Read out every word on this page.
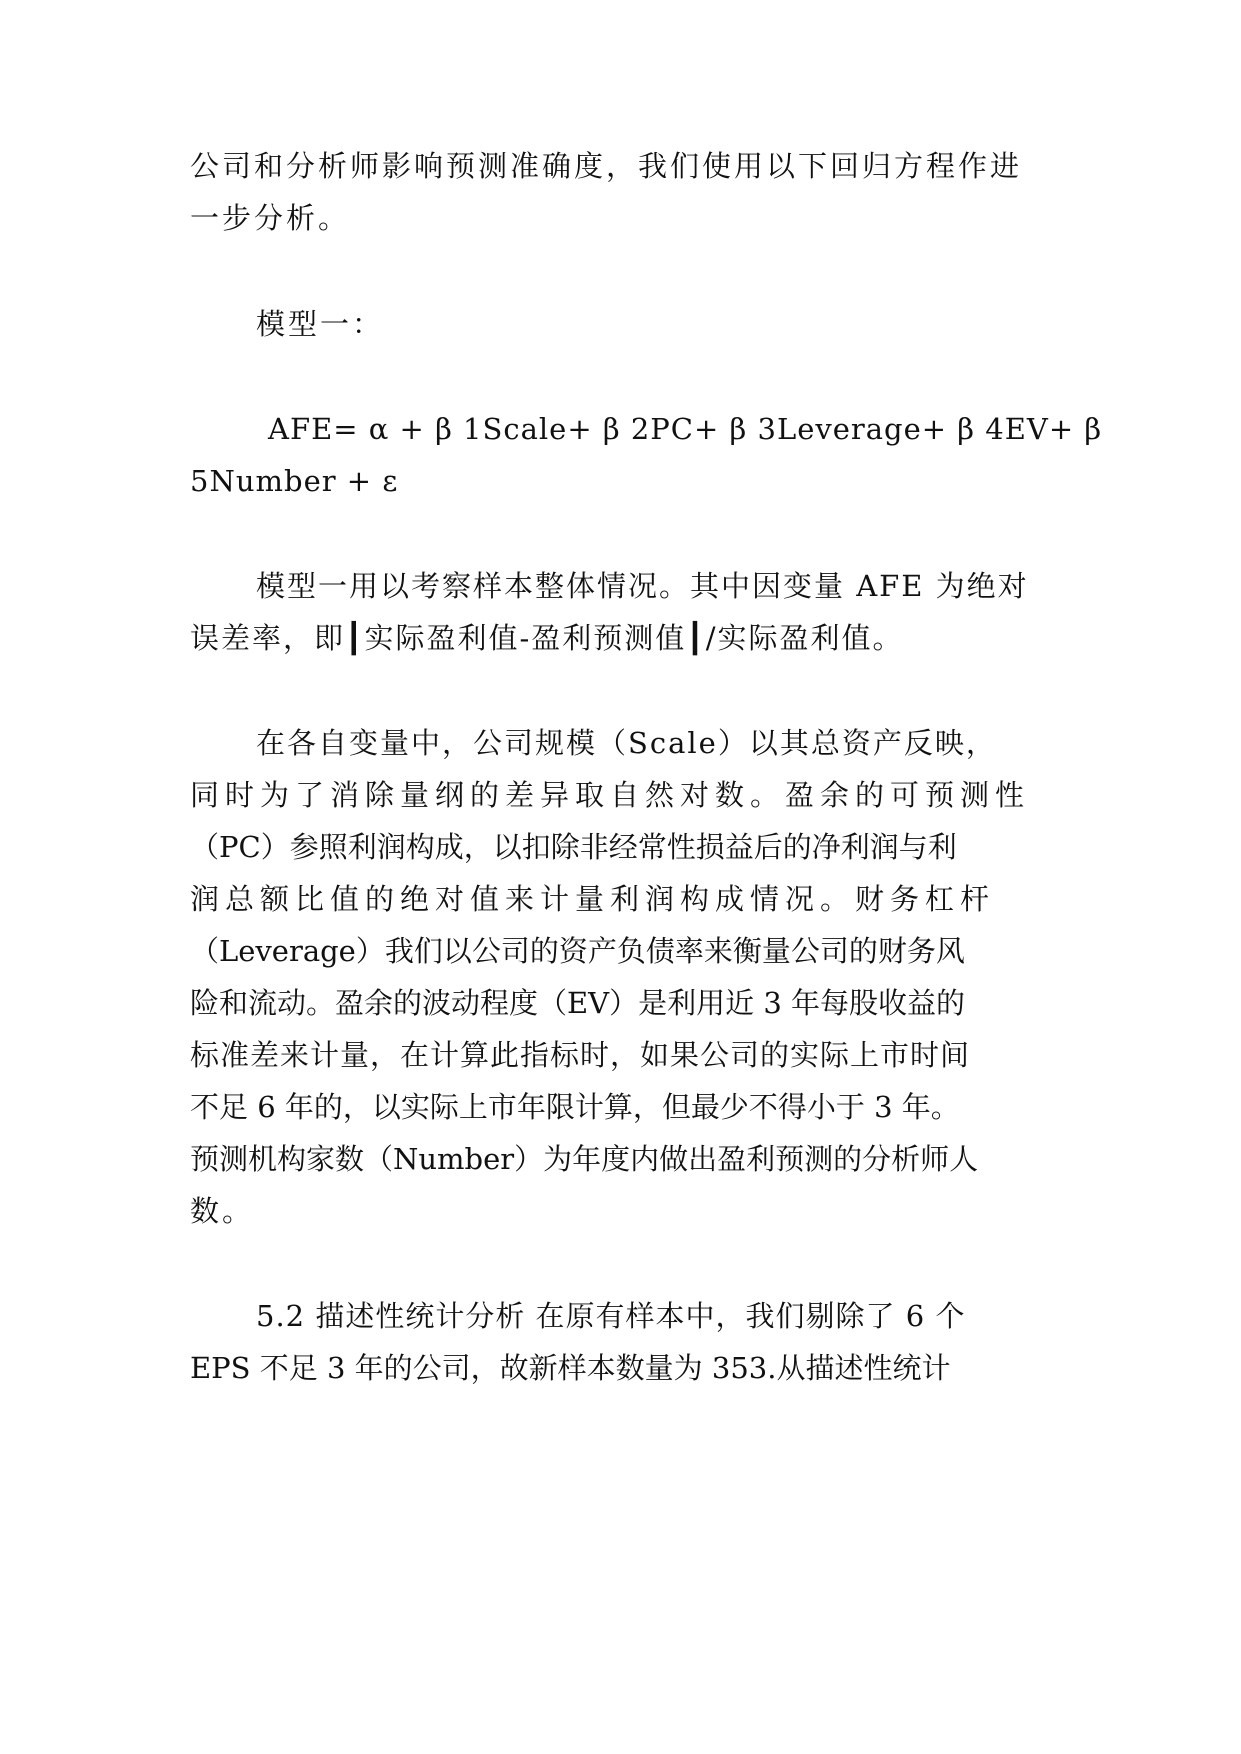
公司和分析师影响预测准确度，我们使用以下回归方程作进
一步分析。
模型一：
AFE= α + β 1Scale+ β 2PC+ β 3Leverage+ β 4EV+ β
5Number + ε
模型一用以考察样本整体情况。其中因变量 AFE 为绝对
误差率，即┃实际盈利值-盈利预测值┃/实际盈利值。
在各自变量中，公司规模（Scale）以其总资产反映，
同时为了消除量纲的差异取自然对数。盈余的可预测性
（PC）参照利润构成，以扣除非经常性损益后的净利润与利
润总额比值的绝对值来计量利润构成情况。财务杠杆
（Leverage）我们以公司的资产负债率来衡量公司的财务风
险和流动。盈余的波动程度（EV）是利用近 3 年每股收益的
标准差来计量，在计算此指标时，如果公司的实际上市时间
不足 6 年的，以实际上市年限计算，但最少不得小于 3 年。
预测机构家数（Number）为年度内做出盈利预测的分析师人
数。
5.2 描述性统计分析 在原有样本中，我们剔除了 6 个
EPS 不足 3 年的公司，故新样本数量为 353.从描述性统计
